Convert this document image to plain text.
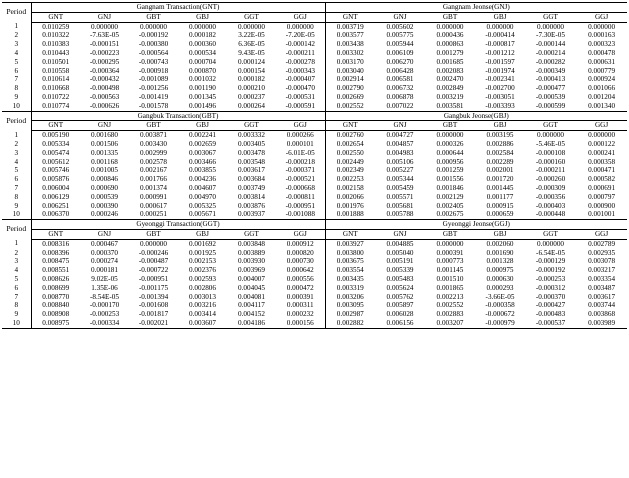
Period	Gangnam Transaction(GNT)						Gangnam Jeonse(GNJ)					
	GNT	GNJ	GBT	GBJ	GGT	GGJ	GNT	GNJ	GBT	GBJ	GGT	GGJ
1	0.010259	0.000000	0.000000	0.000000	0.000000	0.000000	0.003719	0.005602	0.000000	0.000000	0.000000	0.000000
2	0.010322	-7.63E-05	-0.000192	0.000182	3.22E-05	-7.20E-05	0.003577	0.005775	0.000436	-0.000414	-7.30E-05	0.000163
3	0.010383	-0.000151	-0.000380	0.000360	6.36E-05	-0.000142	0.003438	0.005944	0.000863	-0.000817	-0.000144	0.000323
4	0.010443	-0.000223	-0.000564	0.000534	9.43E-05	-0.000211	0.003302	0.006109	0.001279	-0.001212	-0.000214	0.000478
5	0.010501	-0.000295	-0.000743	0.000704	0.000124	-0.000278	0.003170	0.006270	0.001685	-0.001597	-0.000282	0.000631
6	0.010558	-0.000364	-0.000918	0.000870	0.000154	-0.000343	0.003040	0.006428	0.002083	-0.001974	-0.000349	0.000779
7	0.010614	-0.000432	-0.001089	0.001032	0.000182	-0.000407	0.002914	0.006581	0.002470	-0.002341	-0.000413	0.000924
8	0.010668	-0.000498	-0.001256	0.001190	0.000210	-0.000470	0.002790	0.006732	0.002849	-0.002700	-0.000477	0.001066
9	0.010722	-0.000563	-0.001419	0.001345	0.000237	-0.000531	0.002669	0.006878	0.003219	-0.003051	-0.000539	0.001204
10	0.010774	-0.000626	-0.001578	0.001496	0.000264	-0.000591	0.002552	0.007022	0.003581	-0.003393	-0.000599	0.001340
Period	Gangbuk Transaction(GBT)						Gangbuk Jeonse(GBJ)					
	GNT	GNJ	GBT	GBJ	GGT	GGJ	GNT	GNJ	GBT	GBJ	GGT	GGJ
1	0.005190	0.001680	0.003871	0.002241	0.003332	0.000266	0.002760	0.004727	0.000000	0.003195	0.000000	0.000000
2	0.005334	0.001506	0.003430	0.002659	0.003405	0.000101	0.002654	0.004857	0.000326	0.002886	-5.46E-05	0.000122
3	0.005474	0.001335	0.002999	0.003067	0.003478	-6.01E-05	0.002550	0.004983	0.000644	0.002584	-0.000108	0.000241
4	0.005612	0.001168	0.002578	0.003466	0.003548	-0.000218	0.002449	0.005106	0.000956	0.002289	-0.000160	0.000358
5	0.005746	0.001005	0.002167	0.003855	0.003617	-0.000371	0.002349	0.005227	0.001259	0.002001	-0.000211	0.000471
6	0.005876	0.000846	0.001766	0.004236	0.003684	-0.000521	0.002253	0.005344	0.001556	0.001720	-0.000260	0.000582
7	0.006004	0.000690	0.001374	0.004607	0.003749	-0.000668	0.002158	0.005459	0.001846	0.001445	-0.000309	0.000691
8	0.006129	0.000539	0.000991	0.004970	0.003814	-0.000811	0.002066	0.005571	0.002129	0.001177	-0.000356	0.000797
9	0.006251	0.000390	0.000617	0.005325	0.003876	-0.000951	0.001976	0.005681	0.002405	0.000915	-0.000403	0.000900
10	0.006370	0.000246	0.000251	0.005671	0.003937	-0.001088	0.001888	0.005788	0.002675	0.000659	-0.000448	0.001001
Period	Gyeonggi Transaction(GGT)						Gyeonggi Jeonse(GGJ)					
	GNT	GNJ	GBT	GBJ	GGT	GGJ	GNT	GNJ	GBT	GBJ	GGT	GGJ
1	0.008316	0.000467	0.000000	0.001692	0.003848	0.000912	0.003927	0.004885	0.000000	0.002060	0.000000	0.002789
2	0.008396	0.000370	-0.000246	0.001925	0.003889	0.000820	0.003800	0.005040	0.000391	0.001690	-6.54E-05	0.002935
3	0.008475	0.000274	-0.000487	0.002153	0.003930	0.000730	0.003675	0.005191	0.000773	0.001328	-0.000129	0.003078
4	0.008551	0.000181	-0.000722	0.002376	0.003969	0.000642	0.003554	0.005339	0.001145	0.000975	-0.000192	0.003217
5	0.008626	9.02E-05	-0.000951	0.002593	0.004007	0.000556	0.003435	0.005483	0.001510	0.000630	-0.000253	0.003354
6	0.008699	1.35E-06	-0.001175	0.002806	0.004045	0.000472	0.003319	0.005624	0.001865	0.000293	-0.000312	0.003487
7	0.008770	-8.54E-05	-0.001394	0.003013	0.004081	0.000391	0.003206	0.005762	0.002213	-3.66E-05	-0.000370	0.003617
8	0.008840	-0.000170	-0.001608	0.003216	0.004117	0.000311	0.003095	0.005897	0.002552	-0.000358	-0.000427	0.003744
9	0.008908	-0.000253	-0.001817	0.003414	0.004152	0.000232	0.002987	0.006028	0.002883	-0.000672	-0.000483	0.003868
10	0.008975	-0.000334	-0.002021	0.003607	0.004186	0.000156	0.002882	0.006156	0.003207	-0.000979	-0.000537	0.003989
